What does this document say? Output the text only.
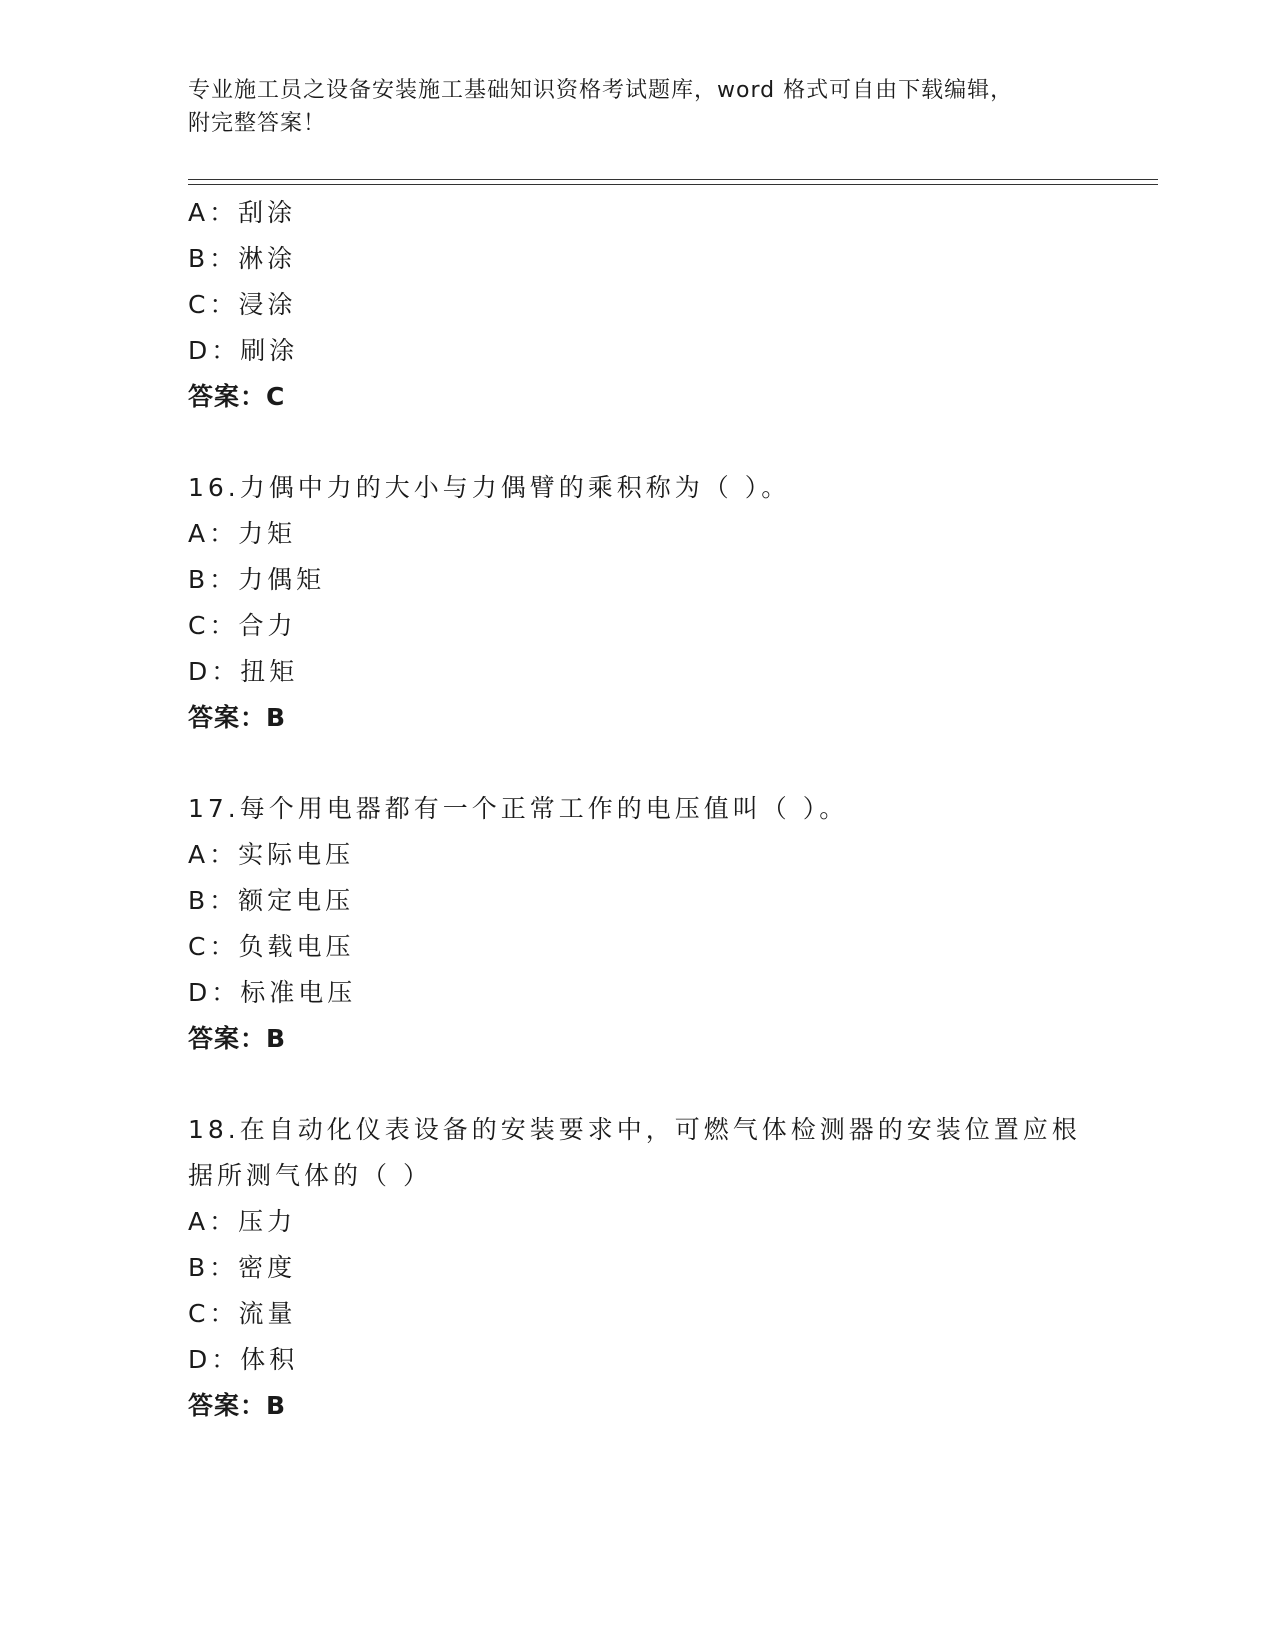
专业施工员之设备安装施工基础知识资格考试题库，word 格式可自由下载编辑，
附完整答案！
A：刮涂
B：淋涂
C：浸涂
D：刷涂
答案：C
16.力偶中力的大小与力偶臂的乘积称为（ ）。
A：力矩
B：力偶矩
C：合力
D：扭矩
答案：B
17.每个用电器都有一个正常工作的电压值叫（ ）。
A：实际电压
B：额定电压
C：负载电压
D：标准电压
答案：B
18.在自动化仪表设备的安装要求中，可燃气体检测器的安装位置应根
据所测气体的（ ）
A：压力
B：密度
C：流量
D：体积
答案：B
